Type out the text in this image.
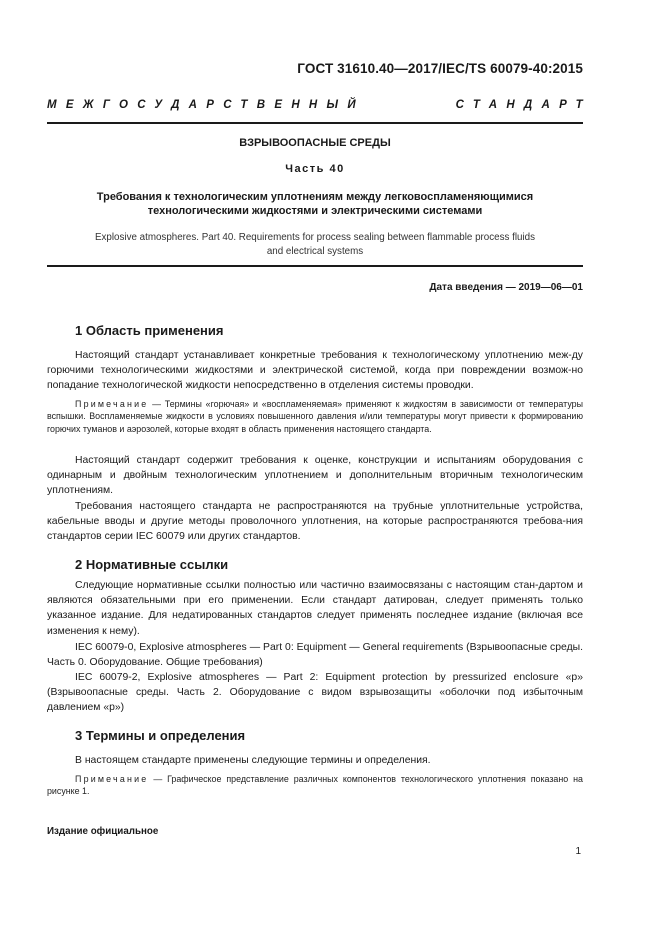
ГОСТ 31610.40—2017/IEC/TS 60079-40:2015
МЕЖГОСУДАРСТВЕННЫЙ	СТАНДАРТ
ВЗРЫВООПАСНЫЕ СРЕДЫ
Часть 40
Требования к технологическим уплотнениям между легковоспламеняющимися
технологическими жидкостями и электрическими системами
Explosive atmospheres. Part 40. Requirements for process sealing between flammable process fluids
and electrical systems
Дата введения — 2019—06—01
1 Область применения
Настоящий стандарт устанавливает конкретные требования к технологическому уплотнению меж-ду горючими технологическими жидкостями и электрической системой, когда при повреждении возмож-но попадание технологической жидкости непосредственно в отделения системы проводки.
Примечание — Термины «горючая» и «воспламеняемая» применяют к жидкостям в зависимости от температуры вспышки. Воспламеняемые жидкости в условиях повышенного давления и/или температуры могут привести к формированию горючих туманов и аэрозолей, которые входят в область применения настоящего стандарта.
Настоящий стандарт содержит требования к оценке, конструкции и испытаниям оборудования с одинарным и двойным технологическим уплотнением и дополнительным вторичным технологическим уплотнениям.
Требования настоящего стандарта не распространяются на трубные уплотнительные устройства, кабельные вводы и другие методы проволочного уплотнения, на которые распространяются требова-ния стандартов серии IEC 60079 или других стандартов.
2 Нормативные ссылки
Следующие нормативные ссылки полностью или частично взаимосвязаны с настоящим стан-дартом и являются обязательными при его применении. Если стандарт датирован, следует применять только указанное издание. Для недатированных стандартов следует применять последнее издание (включая все изменения к нему).
IEC 60079-0, Explosive atmospheres — Part 0: Equipment — General requirements (Взрывоопасные среды. Часть 0. Оборудование. Общие требования)
IEC 60079-2, Explosive atmospheres — Part 2: Equipment protection by pressurized enclosure «р» (Взрывоопасные среды. Часть 2. Оборудование с видом взрывозащиты «оболочки под избыточным давлением «р»)
3 Термины и определения
В настоящем стандарте применены следующие термины и определения.
Примечание — Графическое представление различных компонентов технологического уплотнения показано на рисунке 1.
Издание официальное
1
